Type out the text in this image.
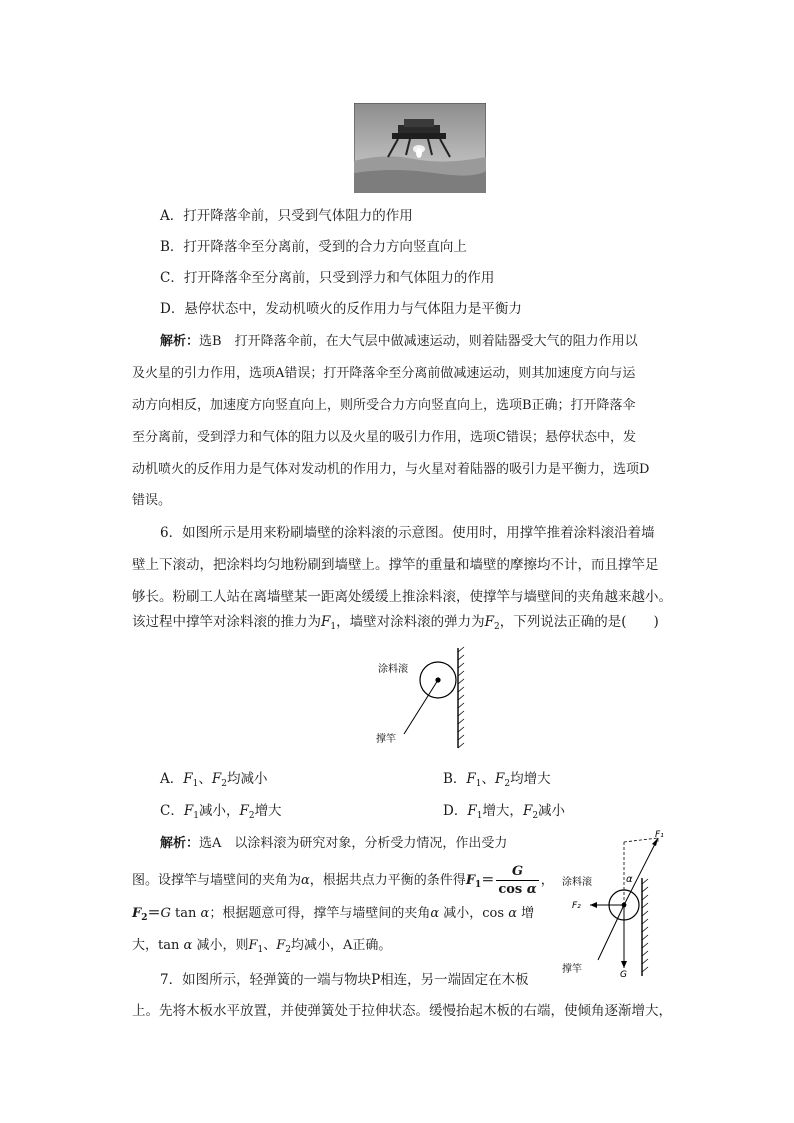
A．打开降落伞前，只受到气体阻力的作用
B．打开降落伞至分离前，受到的合力方向竖直向上
C．打开降落伞至分离前，只受到浮力和气体阻力的作用
D．悬停状态中，发动机喷火的反作用力与气体阻力是平衡力
解析：选B　打开降落伞前，在大气层中做减速运动，则着陆器受大气的阻力作用以
及火星的引力作用，选项A错误；打开降落伞至分离前做减速运动，则其加速度方向与运
动方向相反，加速度方向竖直向上，则所受合力方向竖直向上，选项B正确；打开降落伞
至分离前，受到浮力和气体的阻力以及火星的吸引力作用，选项C错误；悬停状态中，发
动机喷火的反作用力是气体对发动机的作用力，与火星对着陆器的吸引力是平衡力，选项D
错误。
6．如图所示是用来粉刷墙壁的涂料滚的示意图。使用时，用撑竿推着涂料滚沿着墙
壁上下滚动，把涂料均匀地粉刷到墙壁上。撑竿的重量和墙壁的摩擦均不计，而且撑竿足
够长。粉刷工人站在离墙壁某一距离处缓缓上推涂料滚，使撑竿与墙壁间的夹角越来越小。
该过程中撑竿对涂料滚的推力为$F_1$，墙壁对涂料滚的弹力为$F_2$，下列说法正确的是(　　)
涂料滚
撑竿
A．$F_1$、$F_2$均减小	B．$F_1$、$F_2$均增大
C．$F_1$减小，$F_2$增大	D．$F_1$增大，$F_2$减小
解析：选A　以涂料滚为研究对象，分析受力情况，作出受力
图。设撑竿与墙壁间的夹角为α，根据共点力平衡的条件得$F_1= \frac{G}{\text{cos α}}$ ，
$F_2=G$ tan α；根据题意可得，撑竿与墙壁间的夹角α 减小，cos α 增
大，tan α 减小，则$F_1$、$F_2$均减小，A正确。
F₁
α
涂料滚
F₂
撑竿	G
7．如图所示，轻弹簧的一端与物块P相连，另一端固定在木板
上。先将木板水平放置，并使弹簧处于拉伸状态。缓慢抬起木板的右端，使倾角逐渐增大，
